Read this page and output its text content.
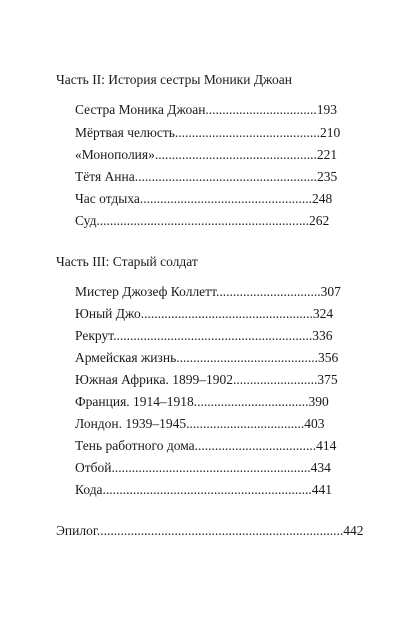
Часть II: История сестры Моники Джоан
Сестра Моника Джоан.................................193
Мёртвая челюсть...........................................210
«Монополия»................................................221
Тётя Анна......................................................235
Час отдыха...................................................248
Суд...............................................................262
Часть III: Старый солдат
Мистер Джозеф Коллетт...............................307
Юный Джо...................................................324
Рекрут...........................................................336
Армейская жизнь..........................................356
Южная Африка. 1899–1902.........................375
Франция. 1914–1918..................................390
Лондон. 1939–1945...................................403
Тень работного дома....................................414
Отбой...........................................................434
Кода..............................................................441
Эпилог.........................................................................442
